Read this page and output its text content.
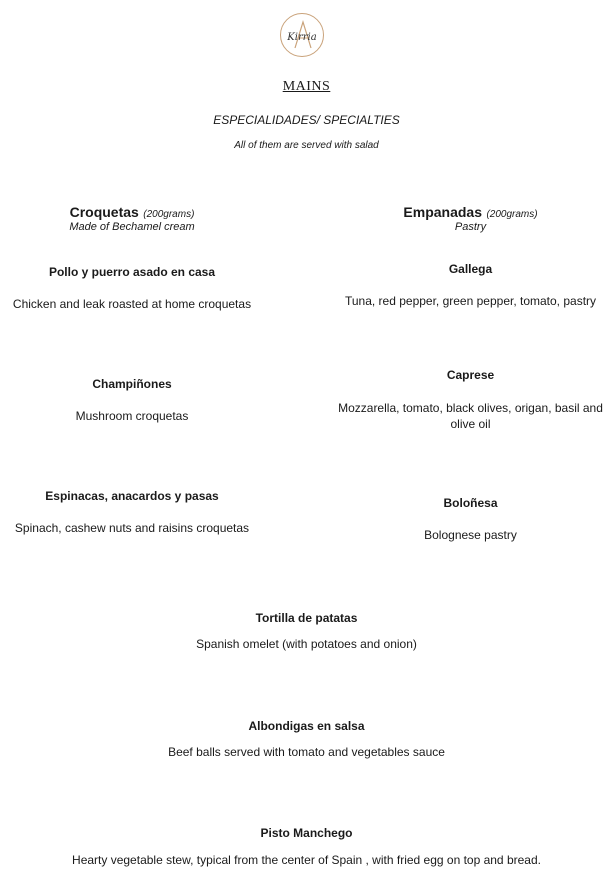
Kirria
MAINS
ESPECIALIDADES/ SPECIALTIES
All of them are served with salad
Croquetas (200grams)
Made of Bechamel cream
Pollo y puerro asado en casa
Chicken and leak roasted at home croquetas
Champiñones
Mushroom croquetas
Espinacas, anacardos y pasas
Spinach, cashew nuts and raisins croquetas
Empanadas (200grams)
Pastry
Gallega
Tuna, red pepper, green pepper, tomato, pastry
Caprese
Mozzarella, tomato, black olives, origan, basil and olive oil
Boloñesa
Bolognese pastry
Tortilla de patatas
Spanish omelet (with potatoes and onion)
Albondigas en salsa
Beef balls served with tomato and vegetables sauce
Pisto Manchego
Hearty vegetable stew, typical from the center of Spain , with fried egg on top and bread.
